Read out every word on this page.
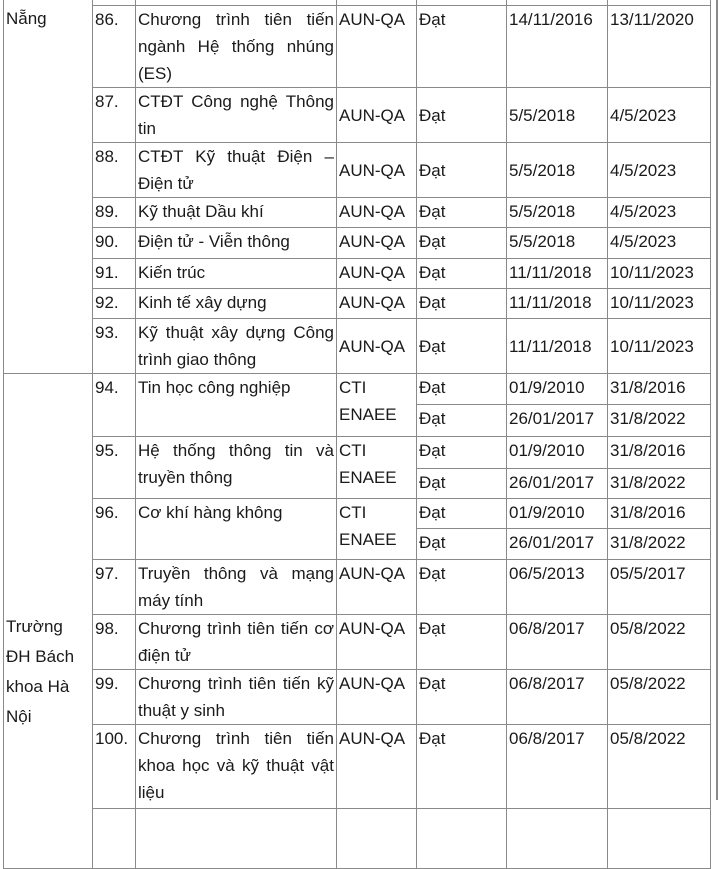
Nẵng						
	86.	Chương trình tiên tiến ngành Hệ thống nhúng (ES)	AUN-QA	Đạt	14/11/2016	13/11/2020
	87.	CTĐT Công nghệ Thông tin	AUN-QA	Đạt	5/5/2018	4/5/2023
	88.	CTĐT Kỹ thuật Điện – Điện tử	AUN-QA	Đạt	5/5/2018	4/5/2023
	89.	Kỹ thuật Dầu khí	AUN-QA	Đạt	5/5/2018	4/5/2023
	90.	Điện tử - Viễn thông	AUN-QA	Đạt	5/5/2018	4/5/2023
	91.	Kiến trúc	AUN-QA	Đạt	11/11/2018	10/11/2023
	92.	Kinh tế xây dựng	AUN-QA	Đạt	11/11/2018	10/11/2023
	93.	Kỹ thuật xây dựng Công trình giao thông	AUN-QA	Đạt	11/11/2018	10/11/2023
Trường ĐH Bách khoa Hà Nội	94.	Tin học công nghiệp	CTI ENAEE	Đạt	01/9/2010	31/8/2016
				Đạt	26/01/2017	31/8/2022
	95.	Hệ thống thông tin và truyền thông	CTI ENAEE	Đạt	01/9/2010	31/8/2016
				Đạt	26/01/2017	31/8/2022
	96.	Cơ khí hàng không	CTI ENAEE	Đạt	01/9/2010	31/8/2016
				Đạt	26/01/2017	31/8/2022
	97.	Truyền thông và mạng máy tính	AUN-QA	Đạt	06/5/2013	05/5/2017
	98.	Chương trình tiên tiến cơ điện tử	AUN-QA	Đạt	06/8/2017	05/8/2022
	99.	Chương trình tiên tiến kỹ thuật y sinh	AUN-QA	Đạt	06/8/2017	05/8/2022
	100.	Chương trình tiên tiến khoa học và kỹ thuật vật liệu	AUN-QA	Đạt	06/8/2017	05/8/2022
